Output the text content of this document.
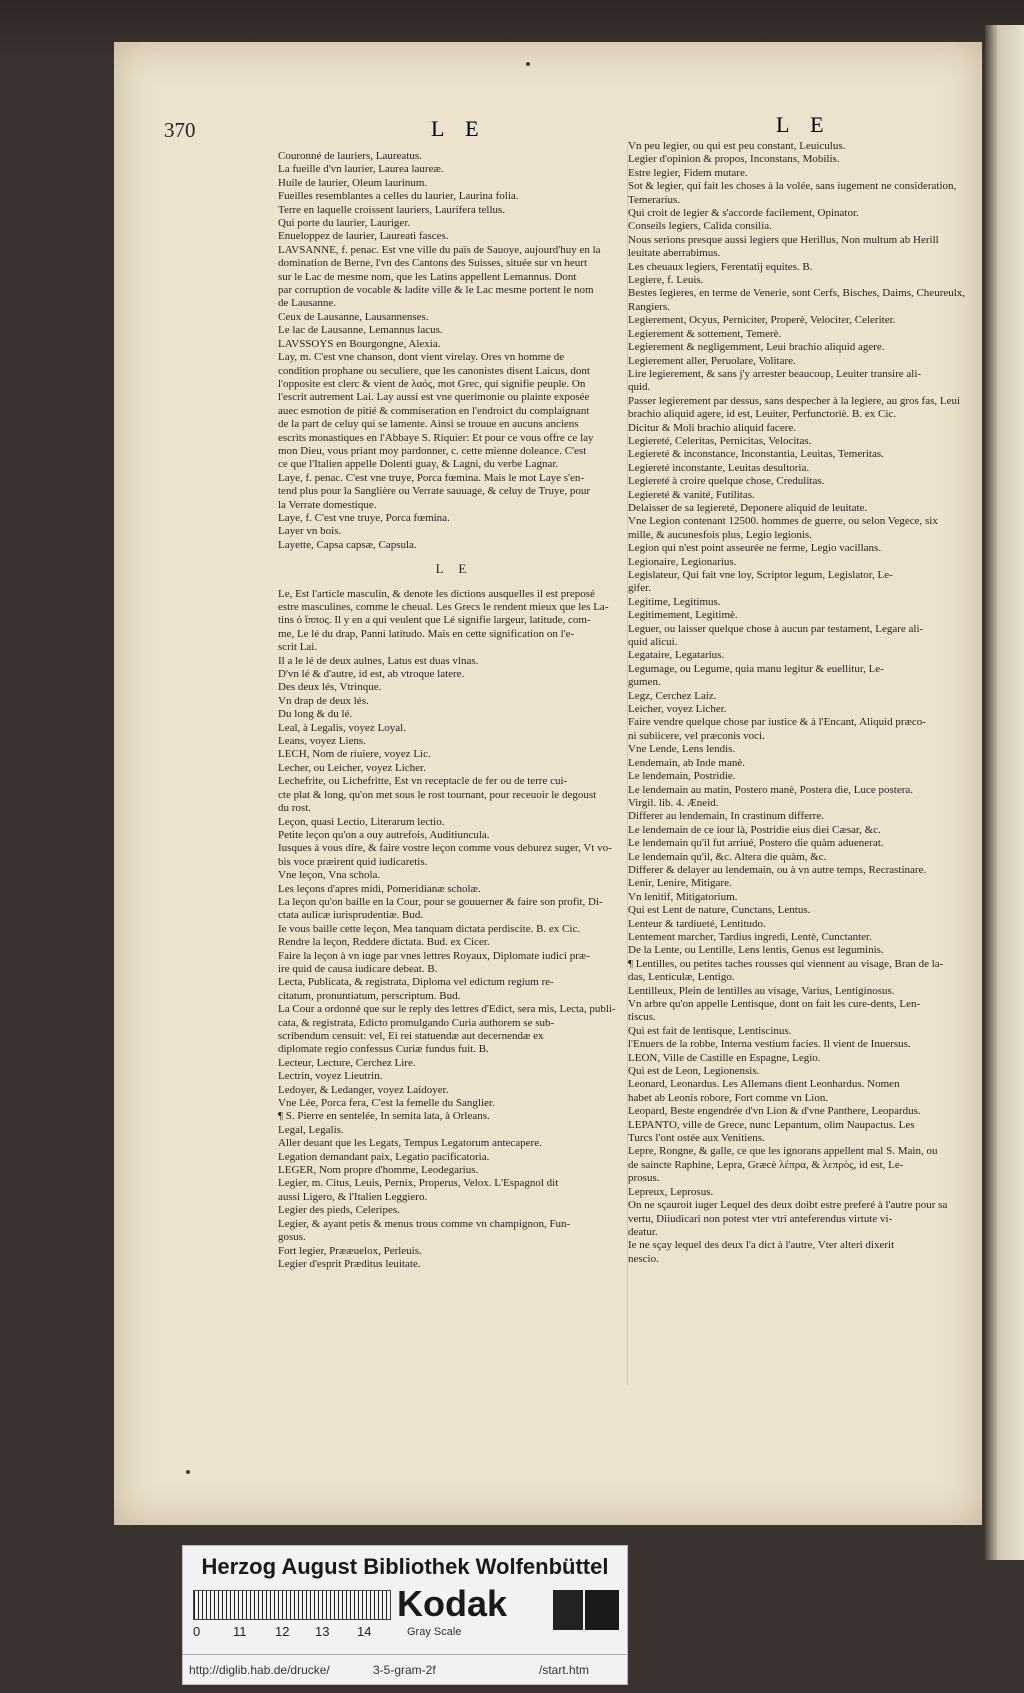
370	L E	L E
Couronné de lauriers, Laureatus.
La fueille d'vn laurier, Laurea laureæ.
Huile de laurier, Oleum laurinum.
Fueilles resemblantes a celles du laurier, Laurina folia.
Terre en laquelle croissent lauriers, Laurifera tellus.
Qui porte du laurier, Lauriger.
Enueloppez de laurier, Laureati fasces.
LAVSANNE, f. penac. Est vne ville du païs de Sauoye, aujourd'huy en la
domination de Berne, l'vn des Cantons des Suisses, située sur vn heurt
sur le Lac de mesme nom, que les Latins appellent Lemannus. Dont
par corruption de vocable & ladite ville & le Lac mesme portent le nom
de Lausanne.
Ceux de Lausanne, Lausannenses.
Le lac de Lausanne, Lemannus lacus.
LAVSSOYS en Bourgongne, Alexia.
Lay, m. C'est vne chanson, dont vient virelay. Ores vn homme de
condition prophane ou seculiere, que les canonistes disent Laicus, dont
l'opposite est clerc & vient de λαός, mot Grec, qui signifie peuple. On
l'escrit autrement Lai. Lay aussi est vne querimonie ou plainte exposée
auec esmotion de pitié & commiseration en l'endroict du complaignant
de la part de celuy qui se lamente. Ainsi se trouue en aucuns anciens
escrits monastiques en l'Abbaye S. Riquier: Et pour ce vous offre ce lay
mon Dieu, vous priant moy pardonner, c. cette mienne doleance. C'est
ce que l'Italien appelle Dolenti guay, & Lagni, du verbe Lagnar.
Laye, f. penac. C'est vne truye, Porca fœmina. Mais le mot Laye s'en-
tend plus pour la Sanglière ou Verrate sauuage, & celuy de Truye, pour
la Verrate domestique.
Laye, f. C'est vne truye, Porca fœmina.
Layer vn bois.
Layette, Capsa capsæ, Capsula.
L E
Le, Est l'article masculin, & denote les dictions ausquelles il est preposé
estre masculines, comme le cheual. Les Grecs le rendent mieux que les La-
tins ὁ ἵππος. Il y en a qui veulent que Lé signifie largeur, latitude, com-
me, Le lé du drap, Panni latitudo. Mais en cette signification on l'e-
scrit Lai.
Il a le lé de deux aulnes, Latus est duas vlnas.
D'vn lé & d'autre, id est, ab vtroque latere.
Des deux lés, Vtrinque.
Vn drap de deux lés.
Du long & du lé.
Leal, à Legalis, voyez Loyal.
Leans, voyez Liens.
LECH, Nom de riuiere, voyez Lic.
Lecher, ou Leicher, voyez Licher.
Lechefrite, ou Lichefritte, Est vn receptacle de fer ou de terre cui-
cte plat & long, qu'on met sous le rost tournant, pour receuoir le degoust
du rost.
Leçon, quasi Lectio, Literarum lectio.
Petite leçon qu'on a ouy autrefois, Auditiuncula.
Iusques à vous dire, & faire vostre leçon comme vous deburez suger, Vt vo-
bis voce præirent quid iudicaretis.
Vne leçon, Vna schola.
Les leçons d'apres midi, Pomeridianæ scholæ.
La leçon qu'on baille en la Cour, pour se gouuerner & faire son profit, Di-
ctata aulicæ iurisprudentiæ. Bud.
Ie vous baille cette leçon, Mea tanquam dictata perdiscite. B. ex Cic.
Rendre la leçon, Reddere dictata. Bud. ex Cicer.
Faire la leçon à vn iuge par vnes lettres Royaux, Diplomate iudici præ-
ire quid de causa iudicare debeat. B.
Lecta, Publicata, & registrata, Diploma vel edictum regium re-
citatum, pronuntiatum, perscriptum. Bud.
La Cour a ordonné que sur le reply des lettres d'Edict, sera mis, Lecta, publi-
cata, & registrata, Edicto promulgando Curia authorem se sub-
scribendum censuit: vel, Ei rei statuendæ aut decernendæ ex
diplomate regio confessus Curiæ fundus fuit. B.
Lecteur, Lecture, Cerchez Lire.
Lectrin, voyez Lieutrin.
Ledoyer, & Ledanger, voyez Laidoyer.
Vne Lée, Porca fera, C'est la femelle du Sanglier.
¶ S. Pierre en sentelée, In semita lata, à Orleans.
Legal, Legalis.
Aller deuant que les Legats, Tempus Legatorum antecapere.
Legation demandant paix, Legatio pacificatoria.
LEGER, Nom propre d'homme, Leodegarius.
Legier, m. Citus, Leuis, Pernix, Properus, Velox. L'Espagnol dit
aussi Ligero, & l'Italien Leggiero.
Legier des pieds, Celeripes.
Legier, & ayant petis & menus trous comme vn champignon, Fun-
gosus.
Fort legier, Prææuelox, Perleuis.
Legier d'esprit Præditus leuitate.
Vn peu legier, ou qui est peu constant, Leuiculus.
Legier d'opinion & propos, Inconstans, Mobilis.
Estre legier, Fidem mutare.
Sot & legier, qui fait les choses à la volée, sans iugement ne consideration,
Temerarius.
Qui croit de legier & s'accorde facilement, Opinator.
Conseils legiers, Calida consilia.
Nous serions presque aussi legiers que Herillus, Non multum ab Herill
leuitate aberrabimus.
Les cheuaux legiers, Ferentatij equites. B.
Legiere, f. Leuis.
Bestes legieres, en terme de Venerie, sont Cerfs, Bisches, Daims, Cheureulx,
Rangiers.
Legierement, Ocyus, Perniciter, Properè, Velociter, Celeriter.
Legierement & sottement, Temerè.
Legierement & negligemment, Leui brachio aliquid agere.
Legierement aller, Peruolare, Volitare.
Lire legierement, & sans j'y arrester beaucoup, Leuiter transire ali-
quid.
Passer legierement par dessus, sans despecher à la legiere, au gros fas, Leui
brachio aliquid agere, id est, Leuiter, Perfunctoriè. B. ex Cic.
Dicitur & Moli brachio aliquid facere.
Legiereté, Celeritas, Pernicitas, Velocitas.
Legiereté & inconstance, Inconstantia, Leuitas, Temeritas.
Legiereté inconstante, Leuitas desultoria.
Legiereté à croire quelque chose, Credulitas.
Legiereté & vanité, Futilitas.
Delaisser de sa legiereté, Deponere aliquid de leuitate.
Vne Legion contenant 12500. hommes de guerre, ou selon Vegece, six
mille, & aucunesfois plus, Legio legionis.
Legion qui n'est point asseurée ne ferme, Legio vacillans.
Legionaire, Legionarius.
Legislateur, Qui fait vne loy, Scriptor legum, Legislator, Le-
gifer.
Legitime, Legitimus.
Legitimement, Legitimè.
Leguer, ou laisser quelque chose à aucun par testament, Legare ali-
quid alicui.
Legataire, Legatarius.
Legumage, ou Legume, quia manu legitur & euellitur, Le-
gumen.
Legz, Cerchez Laiz.
Leicher, voyez Licher.
Faire vendre quelque chose par iustice & à l'Encant, Aliquid præco-
ni subiicere, vel præconis voci.
Vne Lende, Lens lendis.
Lendemain, ab Inde manè.
Le lendemain, Postridie.
Le lendemain au matin, Postero manè, Postera die, Luce postera.
Virgil. lib. 4. Æneid.
Differer au lendemain, In crastinum differre.
Le lendemain de ce iour là, Postridie eius diei Cæsar, &c.
Le lendemain qu'il fut arriué, Postero die quàm aduenerat.
Le lendemain qu'il, &c. Altera die quàm, &c.
Differer & delayer au lendemain, ou à vn autre temps, Recrastinare.
Lenir, Lenire, Mitigare.
Vn lenitif, Mitigatorium.
Qui est Lent de nature, Cunctans, Lentus.
Lenteur & tardiueté, Lentitudo.
Lentement marcher, Tardius ingredi, Lentè, Cunctanter.
De la Lente, ou Lentille, Lens lentis, Genus est leguminis.
¶ Lentilles, ou petites taches rousses qui viennent au visage, Bran de la-
das, Lenticulæ, Lentigo.
Lentilleux, Plein de lentilles au visage, Varius, Lentiginosus.
Vn arbre qu'on appelle Lentisque, dont on fait les cure-dents, Len-
tiscus.
Qui est fait de lentisque, Lentiscinus.
l'Enuers de la robbe, Interna vestium facies. Il vient de Inuersus.
LEON, Ville de Castille en Espagne, Legio.
Qui est de Leon, Legionensis.
Leonard, Leonardus. Les Allemans dient Leonhardus. Nomen
habet ab Leonis robore, Fort comme vn Lion.
Leopard, Beste engendrée d'vn Lion & d'vne Panthere, Leopardus.
LEPANTO, ville de Grece, nunc Lepantum, olim Naupactus. Les
Turcs l'ont ostée aux Venitiens.
Lepre, Rongne, & galle, ce que les ignorans appellent mal S. Main, ou
de saincte Raphine, Lepra, Græcè λέπρα, & λεπρὸς, id est, Le-
prosus.
Lepreux, Leprosus.
On ne sçauroit iuger Lequel des deux doibt estre preferé à l'autre pour sa
vertu, Diiudicari non potest vter vtri anteferendus virtute vi-
deatur.
Ie ne sçay lequel des deux l'a dict à l'autre, Vter alteri dixerit
nescio.
Herzog August Bibliothek Wolfenbüttel
0	11 12 13 14
Kodak
Gray Scale
http://diglib.hab.de/drucke/	3-5-gram-2f	/start.htm
